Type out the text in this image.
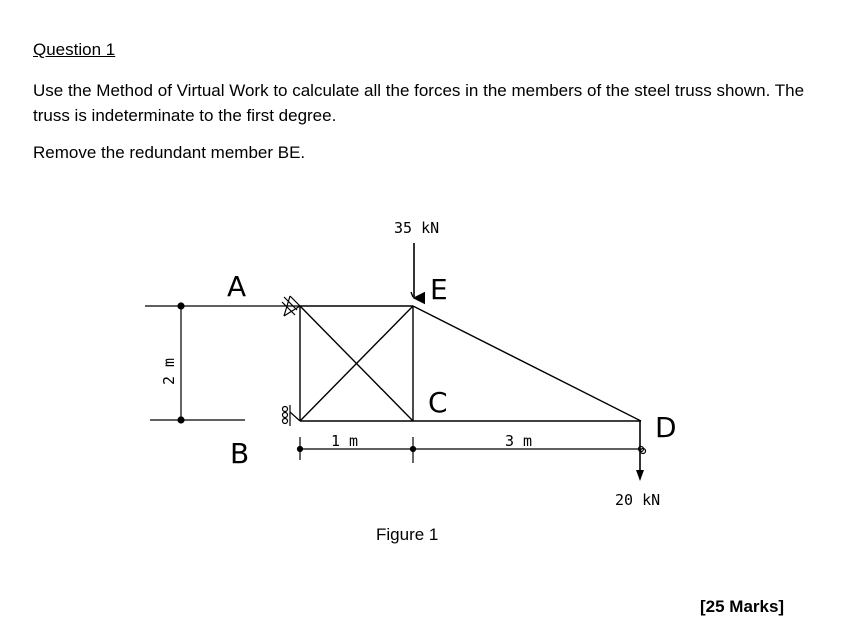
Question 1

Use the Method of Virtual Work to calculate all the forces in the members of the steel truss shown. The truss is indeterminate to the first degree.

Remove the redundant member BE.

A
B
C
D
E
35 kN
20 kN
1 m	3 m
2 m
Figure 1
[25 Marks]
